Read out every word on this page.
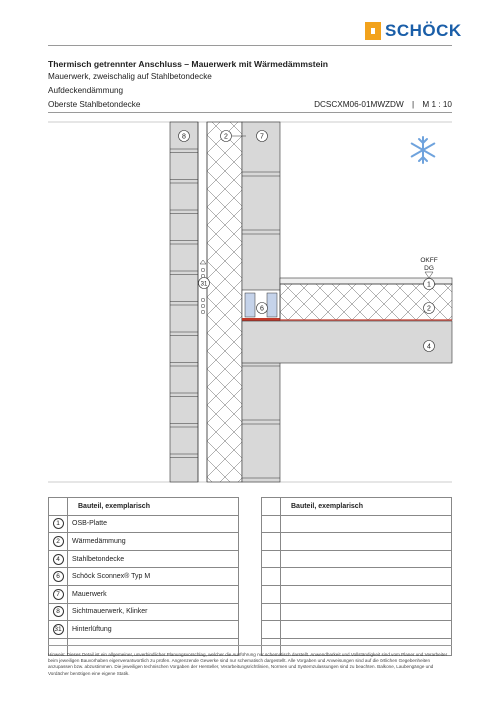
SCHÖCK
Thermisch getrennter Anschluss – Mauerwerk mit Wärmedämmstein
Mauerwerk, zweischalig auf Stahlbetondecke
Aufdeckendämmung
Oberste Stahlbetondecke	DCSCXM06-01MWZDW | M 1 : 10
8	2	7
31
6
1
2
4
OKFF
DG
	Bauteil, exemplarisch
1	OSB-Platte
2	Wärmedämmung
4	Stahlbetondecke
6	Schöck Sconnex® Typ M
7	Mauerwerk
8	Sichtmauerwerk, Klinker
31	Hinterlüftung

	Bauteil, exemplarisch

Hinweis: Dieses Detail ist ein allgemeiner, unverbindlicher Planungsvorschlag, welcher die Ausführung nur schematisch darstellt. Anwendbarkeit und Vollständigkeit sind vom Planer und Verarbeiter beim jeweiligen Bauvorhaben eigenverantwortlich zu prüfen. Angrenzende Gewerke sind nur schematisch dargestellt. Alle Vorgaben und Anweisungen sind auf die örtlichen Gegebenheiten anzupassen bzw. abzustimmen. Die jeweiligen technischen Vorgaben der Hersteller, Verarbeitungsrichtlinien, Normen und Systemzulassungen sind zu beachten. Balkone, Laubengänge und Vordächer benötigen eine eigene Statik.
